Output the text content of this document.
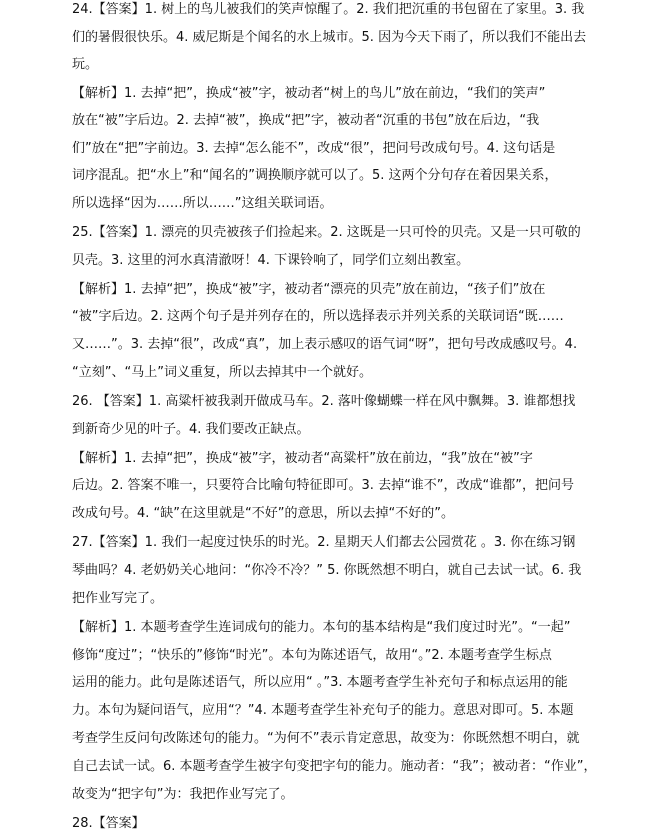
24.【答案】1. 树上的鸟儿被我们的笑声惊醒了。2. 我们把沉重的书包留在了家里。3. 我
们的暑假很快乐。4. 威尼斯是个闻名的水上城市。5. 因为今天下雨了，所以我们不能出去
玩。
【解析】1. 去掉“把”，换成“被”字，被动者“树上的鸟儿”放在前边，“我们的笑声”
放在“被”字后边。2. 去掉“被”，换成“把”字，被动者“沉重的书包”放在后边，“我
们”放在“把”字前边。3. 去掉“怎么能不”，改成“很”，把问号改成句号。4. 这句话是
词序混乱。把“水上”和“闻名的”调换顺序就可以了。5. 这两个分句存在着因果关系，
所以选择“因为……所以……”这组关联词语。
25.【答案】1. 漂亮的贝壳被孩子们捡起来。2. 这既是一只可怜的贝壳。又是一只可敬的
贝壳。3. 这里的河水真清澈呀！4. 下课铃响了，同学们立刻出教室。
【解析】1. 去掉“把”，换成“被”字，被动者“漂亮的贝壳”放在前边，“孩子们”放在
“被”字后边。2. 这两个句子是并列存在的，所以选择表示并列关系的关联词语“既……
又……”。3. 去掉“很”，改成“真”，加上表示感叹的语气词“呀”，把句号改成感叹号。4.
“立刻”、“马上”词义重复，所以去掉其中一个就好。
26. 【答案】1. 高粱杆被我剥开做成马车。2. 落叶像蝴蝶一样在风中飘舞。3. 谁都想找
到新奇少见的叶子。4. 我们要改正缺点。
【解析】1. 去掉“把”，换成“被”字，被动者“高粱杆”放在前边，“我”放在“被”字
后边。2. 答案不唯一，只要符合比喻句特征即可。3. 去掉“谁不”，改成“谁都”，把问号
改成句号。4. “缺”在这里就是“不好”的意思，所以去掉“不好的”。
27.【答案】1. 我们一起度过快乐的时光。2. 星期天人们都去公园赏花 。3. 你在练习钢
琴曲吗？4. 老奶奶关心地问：“你冷不冷？” 5. 你既然想不明白，就自己去试一试。6. 我
把作业写完了。
【解析】1. 本题考查学生连词成句的能力。本句的基本结构是“我们度过时光”。“一起”
修饰“度过”；“快乐的”修饰“时光”。本句为陈述语气，故用“。”2. 本题考查学生标点
运用的能力。此句是陈述语气，所以应用“ 。”3. 本题考查学生补充句子和标点运用的能
力。本句为疑问语气，应用“？”4. 本题考查学生补充句子的能力。意思对即可。5. 本题
考查学生反问句改陈述句的能力。“为何不”表示肯定意思，故变为：你既然想不明白，就
自己去试一试。6. 本题考查学生被字句变把字句的能力。施动者：“我”；被动者：“作业”，
故变为“把字句”为：我把作业写完了。
28.【答案】
